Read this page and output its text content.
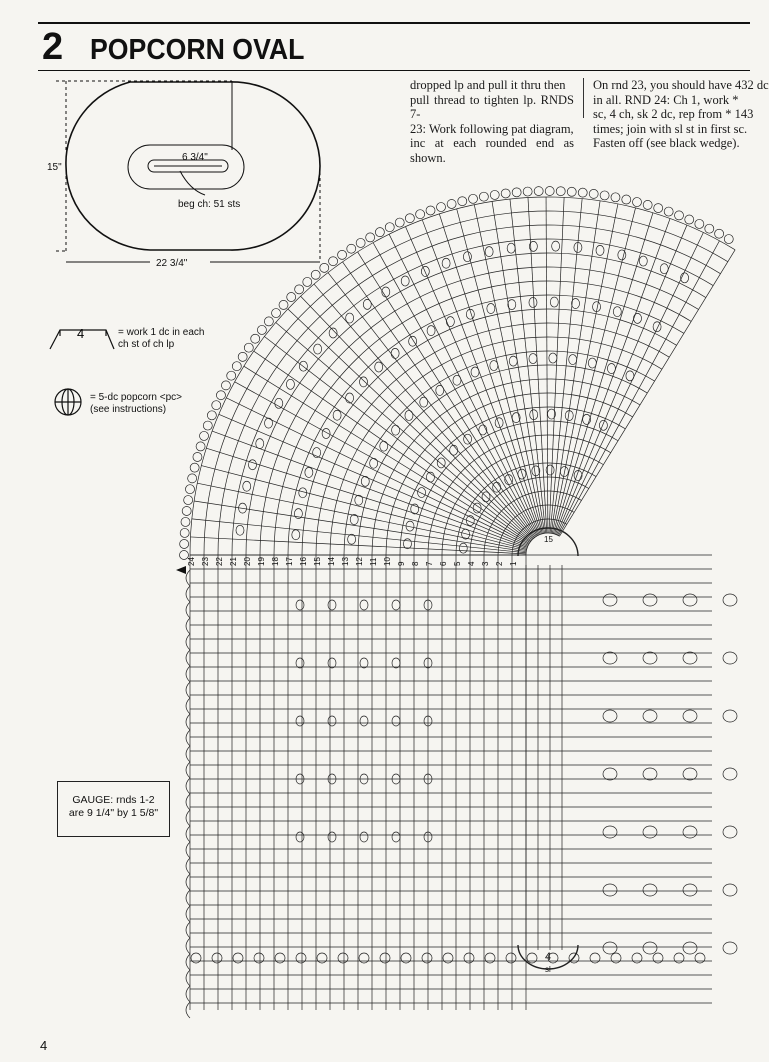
2 POPCORN OVAL

dropped lp and pull it thru then

pull thread to tighten lp. RNDS 7-

23: Work following pat diagram,

inc at each rounded end as shown.

On rnd 23, you should have 432 dc

in all. RND 24: Ch 1, work *

sc, 4 ch, sk 2 dc, rep from * 143

times; join with sl st in first sc.

Fasten off (see black wedge).

15"
22 3/4"
6 3/4"
beg ch: 51 sts
4	= work 1 dc in each
ch st of ch lp
= 5-dc popcorn <pc>
(see instructions)
24 23 22 21 20 19 18 17 16 15 14 13 12 11 10 9 8 7 6 5 4 3 2 1
15
sl
4
GAUGE: rnds 1-2
are 9 1/4" by 1 5/8"
4
